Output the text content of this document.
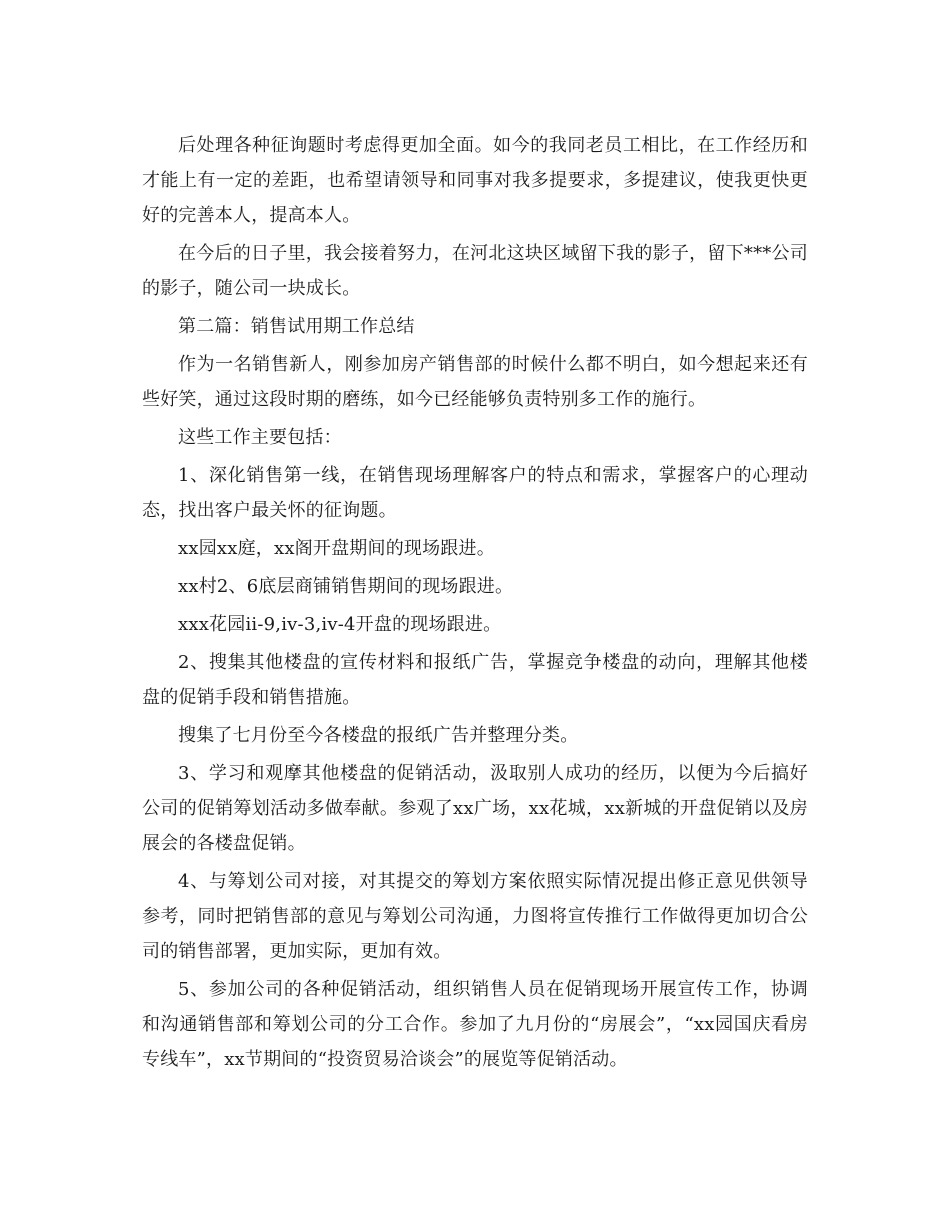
后处理各种征询题时考虑得更加全面。如今的我同老员工相比，在工作经历和才能上有一定的差距，也希望请领导和同事对我多提要求，多提建议，使我更快更好的完善本人，提高本人。

在今后的日子里，我会接着努力，在河北这块区域留下我的影子，留下***公司的影子，随公司一块成长。

第二篇：销售试用期工作总结

作为一名销售新人，刚参加房产销售部的时候什么都不明白，如今想起来还有些好笑，通过这段时期的磨练，如今已经能够负责特别多工作的施行。

这些工作主要包括：

1、深化销售第一线，在销售现场理解客户的特点和需求，掌握客户的心理动态，找出客户最关怀的征询题。

xx园xx庭，xx阁开盘期间的现场跟进。

xx村2、6底层商铺销售期间的现场跟进。

xxx花园ii-9,iv-3,iv-4开盘的现场跟进。

2、搜集其他楼盘的宣传材料和报纸广告，掌握竞争楼盘的动向，理解其他楼盘的促销手段和销售措施。

搜集了七月份至今各楼盘的报纸广告并整理分类。

3、学习和观摩其他楼盘的促销活动，汲取别人成功的经历，以便为今后搞好公司的促销筹划活动多做奉献。参观了xx广场，xx花城，xx新城的开盘促销以及房展会的各楼盘促销。

4、与筹划公司对接，对其提交的筹划方案依照实际情况提出修正意见供领导参考，同时把销售部的意见与筹划公司沟通，力图将宣传推行工作做得更加切合公司的销售部署，更加实际，更加有效。

5、参加公司的各种促销活动，组织销售人员在促销现场开展宣传工作，协调和沟通销售部和筹划公司的分工合作。参加了九月份的“房展会”，“xx园国庆看房专线车”，xx节期间的“投资贸易洽谈会”的展览等促销活动。
